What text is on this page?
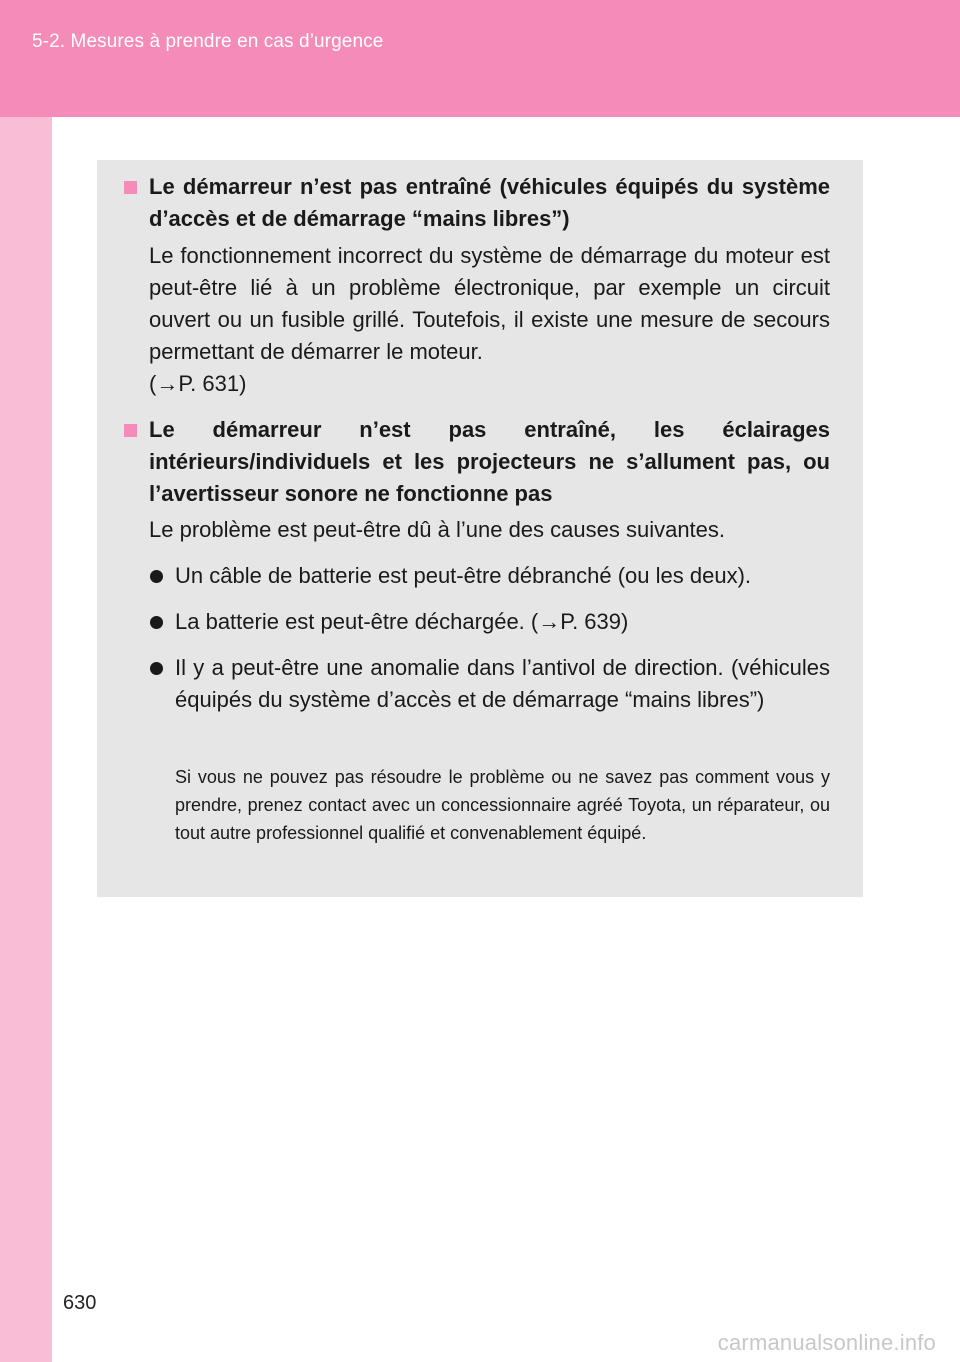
5-2. Mesures à prendre en cas d’urgence

Le démarreur n’est pas entraîné (véhicules équipés du système d’accès et de démarrage “mains libres”)

Le fonctionnement incorrect du système de démarrage du moteur est peut-être lié à un problème électronique, par exemple un circuit ouvert ou un fusible grillé. Toutefois, il existe une mesure de secours permettant de démarrer le moteur.

(→P. 631)

Le démarreur n’est pas entraîné, les éclairages intérieurs/individuels et les projecteurs ne s’allument pas, ou l’avertisseur sonore ne fonctionne pas

Le problème est peut-être dû à l’une des causes suivantes.

Un câble de batterie est peut-être débranché (ou les deux).
La batterie est peut-être déchargée. (→P. 639)
Il y a peut-être une anomalie dans l’antivol de direction. (véhicules équipés du système d’accès et de démarrage “mains libres”)
Si vous ne pouvez pas résoudre le problème ou ne savez pas comment vous y prendre, prenez contact avec un concessionnaire agréé Toyota, un réparateur, ou tout autre professionnel qualifié et convenablement équipé.
630
carmanualsonline.info
